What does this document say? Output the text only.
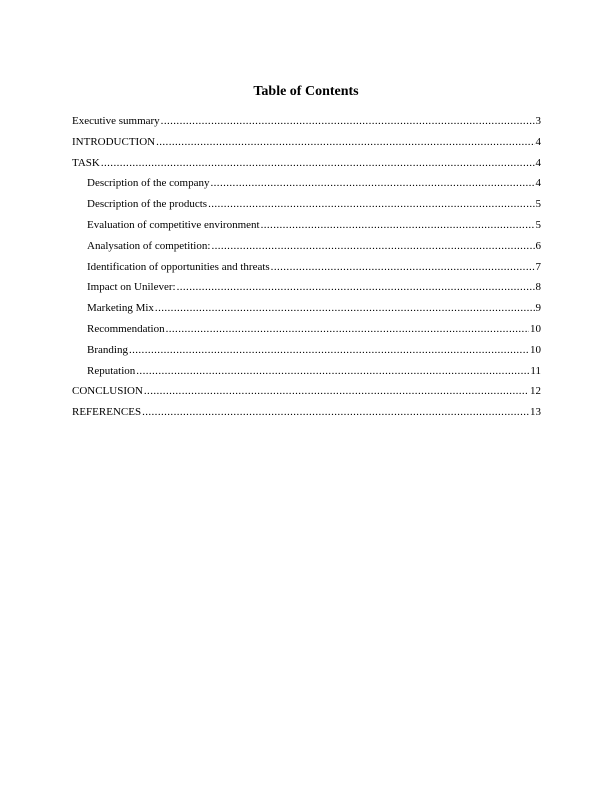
Table of Contents
Executive summary .....	3
INTRODUCTION .....	4
TASK .....	4
Description of the company .....	4
Description of the products .....	5
Evaluation of competitive environment .....	5
Analysation of competition: .....	6
Identification of opportunities and threats .....	7
Impact on Unilever: .....	8
Marketing Mix .....	9
Recommendation .....	10
Branding .....	10
Reputation .....	11
CONCLUSION .....	12
REFERENCES .....	13
